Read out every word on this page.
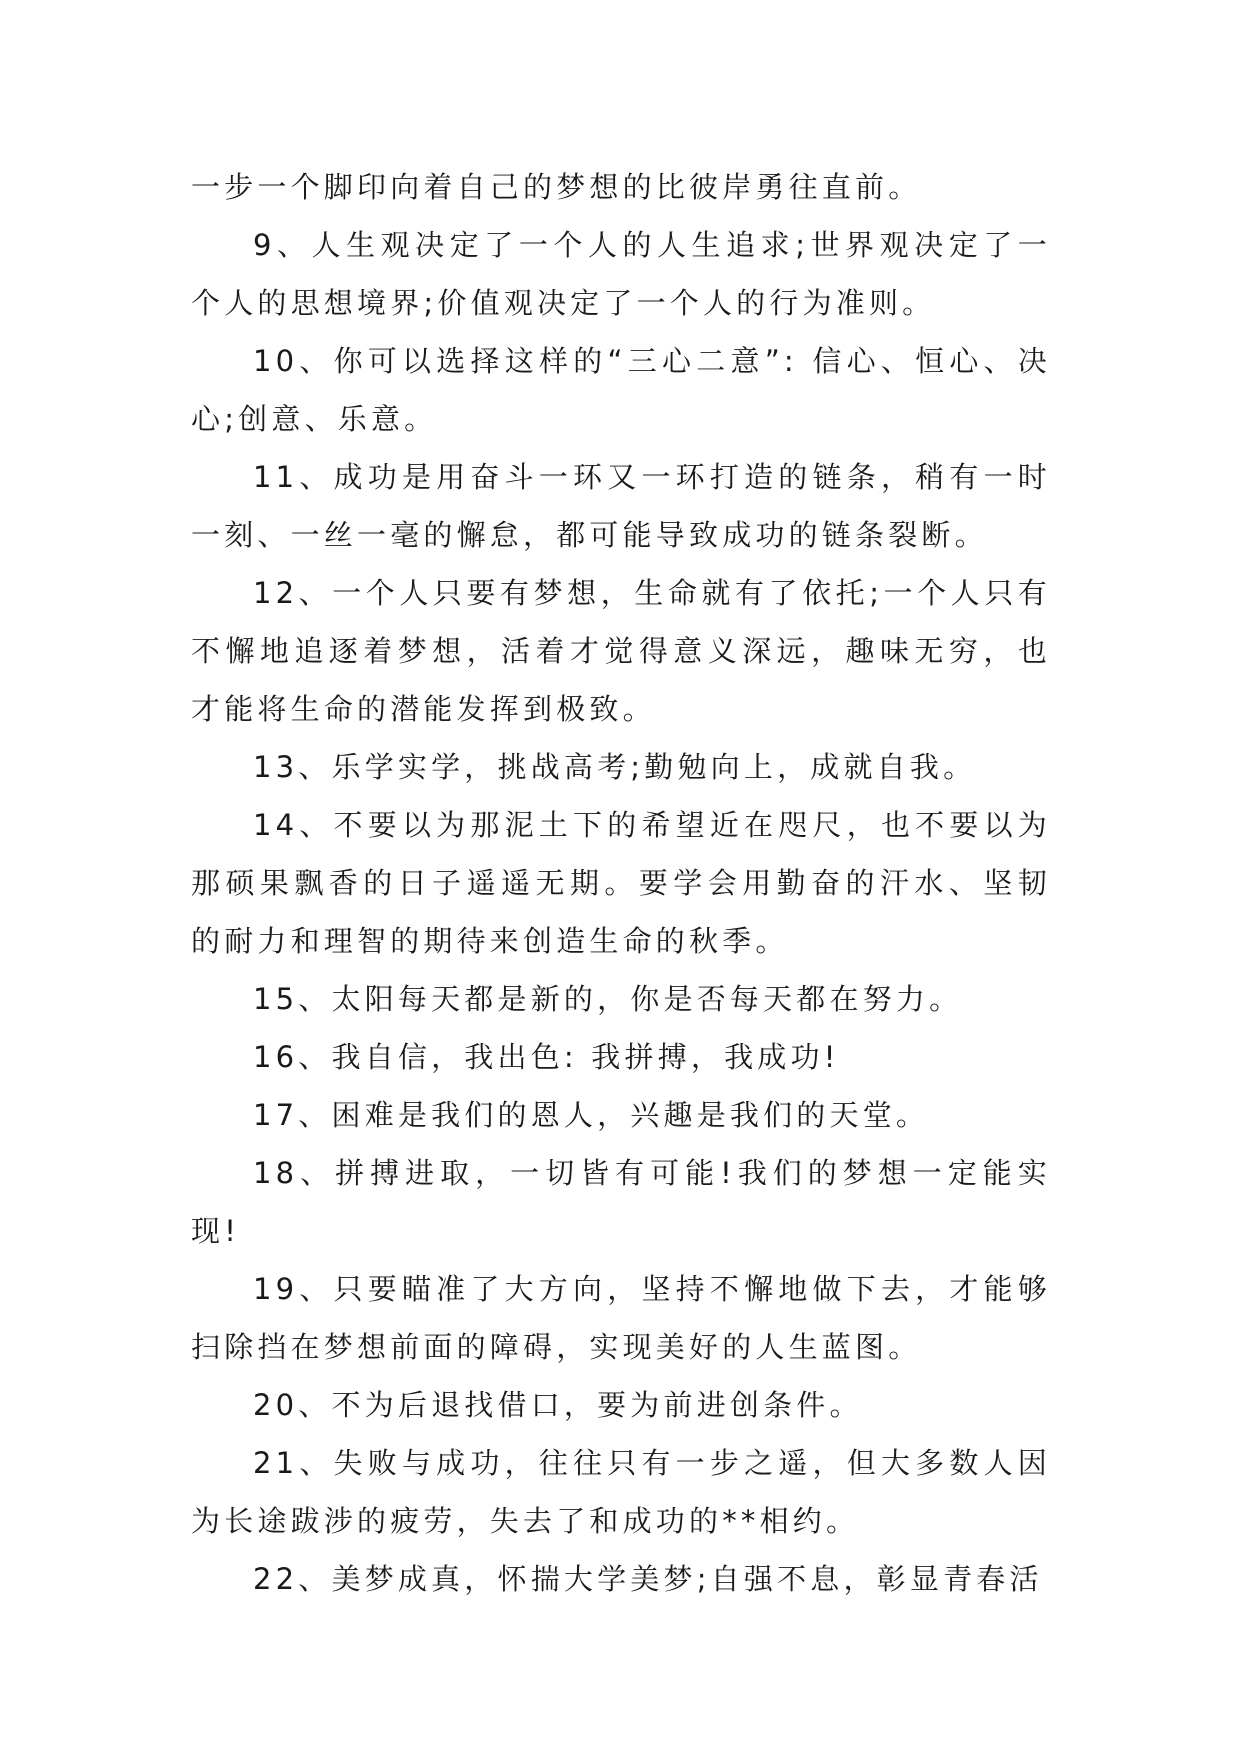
一步一个脚印向着自己的梦想的比彼岸勇往直前。

9、人生观决定了一个人的人生追求;世界观决定了一个人的思想境界;价值观决定了一个人的行为准则。

10、你可以选择这样的“三心二意”: 信心、恒心、决心;创意、乐意。

11、成功是用奋斗一环又一环打造的链条，稍有一时一刻、一丝一毫的懈怠，都可能导致成功的链条裂断。

12、一个人只要有梦想，生命就有了依托;一个人只有不懈地追逐着梦想，活着才觉得意义深远，趣味无穷，也才能将生命的潜能发挥到极致。

13、乐学实学，挑战高考;勤勉向上，成就自我。

14、不要以为那泥土下的希望近在咫尺，也不要以为那硕果飘香的日子遥遥无期。要学会用勤奋的汗水、坚韧的耐力和理智的期待来创造生命的秋季。

15、太阳每天都是新的，你是否每天都在努力。

16、我自信，我出色: 我拼搏，我成功!

17、困难是我们的恩人，兴趣是我们的天堂。

18、拼搏进取，一切皆有可能!我们的梦想一定能实现!

19、只要瞄准了大方向，坚持不懈地做下去，才能够扫除挡在梦想前面的障碍，实现美好的人生蓝图。

20、不为后退找借口，要为前进创条件。

21、失败与成功，往往只有一步之遥，但大多数人因为长途跋涉的疲劳，失去了和成功的**相约。

22、美梦成真，怀揣大学美梦;自强不息，彰显青春活
